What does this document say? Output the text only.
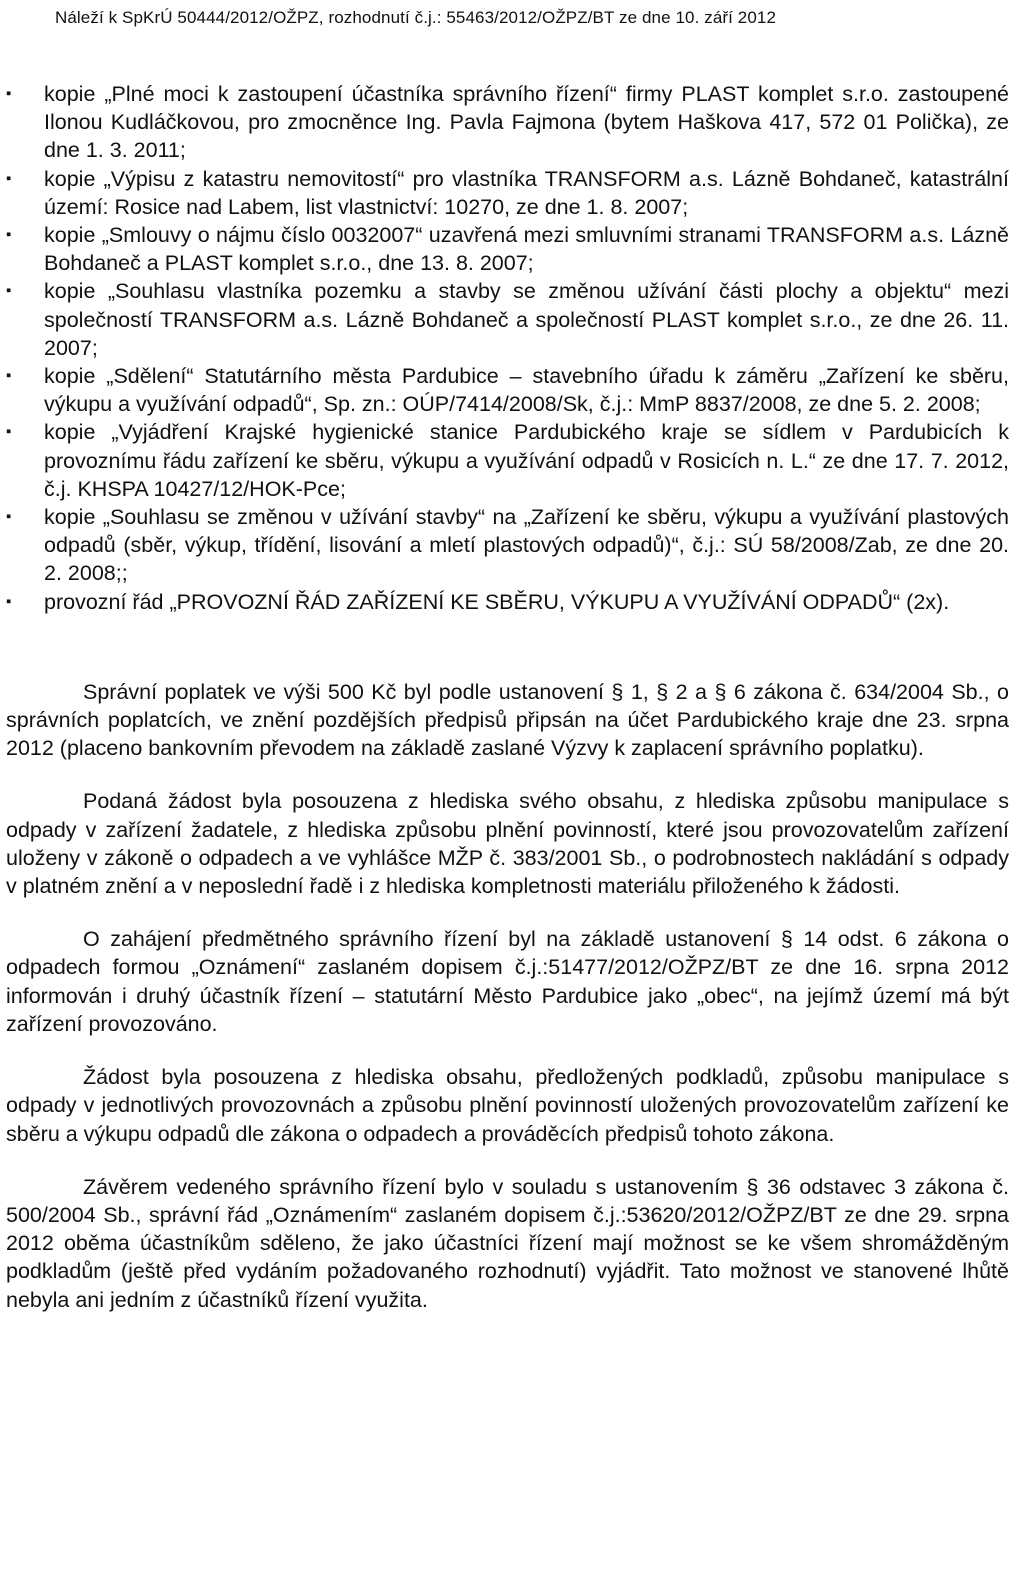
Náleží k SpKrÚ 50444/2012/OŽPZ, rozhodnutí č.j.: 55463/2012/OŽPZ/BT ze dne 10. září 2012
▪	kopie „Plné moci k zastoupení účastníka správního řízení“ firmy PLAST komplet s.r.o. zastoupené Ilonou Kudláčkovou, pro zmocněnce Ing. Pavla Fajmona (bytem Haškova 417, 572 01 Polička), ze dne 1. 3. 2011;
▪	kopie „Výpisu z katastru nemovitostí“ pro vlastníka TRANSFORM a.s. Lázně Bohdaneč, katastrální území: Rosice nad Labem, list vlastnictví: 10270, ze dne 1. 8. 2007;
▪	kopie „Smlouvy o nájmu číslo 0032007“ uzavřená mezi smluvními stranami TRANSFORM a.s. Lázně Bohdaneč a PLAST komplet s.r.o., dne 13. 8. 2007;
▪	kopie „Souhlasu vlastníka pozemku a stavby se změnou užívání části plochy a objektu“ mezi společností TRANSFORM a.s. Lázně Bohdaneč a společností PLAST komplet s.r.o., ze dne 26. 11. 2007;
▪	kopie „Sdělení“ Statutárního města Pardubice – stavebního úřadu k záměru „Zařízení ke sběru, výkupu a využívání odpadů“, Sp. zn.: OÚP/7414/2008/Sk, č.j.: MmP 8837/2008, ze dne 5. 2. 2008;
▪	kopie „Vyjádření Krajské hygienické stanice Pardubického kraje se sídlem v Pardubicích k provoznímu řádu zařízení ke sběru, výkupu a využívání odpadů v Rosicích n. L.“ ze dne 17. 7. 2012, č.j. KHSPA 10427/12/HOK-Pce;
▪	kopie „Souhlasu se změnou v užívání stavby“ na „Zařízení ke sběru, výkupu a využívání plastových odpadů (sběr, výkup, třídění, lisování a mletí plastových odpadů)“, č.j.: SÚ 58/2008/Zab, ze dne 20. 2. 2008;;
▪	provozní řád „PROVOZNÍ ŘÁD ZAŘÍZENÍ KE SBĚRU, VÝKUPU A VYUŽÍVÁNÍ ODPADŮ“ (2x).

Správní poplatek ve výši 500 Kč byl podle ustanovení § 1, § 2 a § 6 zákona č. 634/2004 Sb., o správních poplatcích, ve znění pozdějších předpisů připsán na účet Pardubického kraje dne 23. srpna 2012 (placeno bankovním převodem na základě zaslané Výzvy k zaplacení správního poplatku).

Podaná žádost byla posouzena z hlediska svého obsahu, z hlediska způsobu manipulace s odpady v zařízení žadatele, z hlediska způsobu plnění povinností, které jsou provozovatelům zařízení uloženy v zákoně o odpadech a ve vyhlášce MŽP č. 383/2001 Sb., o podrobnostech nakládání s odpady v platném znění a v neposlední řadě i z hlediska kompletnosti materiálu přiloženého k žádosti.

O zahájení předmětného správního řízení byl na základě ustanovení § 14 odst. 6 zákona o odpadech formou „Oznámení“ zaslaném dopisem č.j.:51477/2012/OŽPZ/BT ze dne 16. srpna 2012 informován i druhý účastník řízení – statutární Město Pardubice jako „obec“, na jejímž území má být zařízení provozováno.

Žádost byla posouzena z hlediska obsahu, předložených podkladů, způsobu manipulace s odpady v jednotlivých provozovnách a způsobu plnění povinností uložených provozovatelům zařízení ke sběru a výkupu odpadů dle zákona o odpadech a prováděcích předpisů tohoto zákona.

Závěrem vedeného správního řízení bylo v souladu s ustanovením § 36 odstavec 3 zákona č. 500/2004 Sb., správní řád „Oznámením“ zaslaném dopisem č.j.:53620/2012/OŽPZ/BT ze dne 29. srpna 2012 oběma účastníkům sděleno, že jako účastníci řízení mají možnost se ke všem shromážděným podkladům (ještě před vydáním požadovaného rozhodnutí) vyjádřit. Tato možnost ve stanovené lhůtě nebyla ani jedním z účastníků řízení využita.
